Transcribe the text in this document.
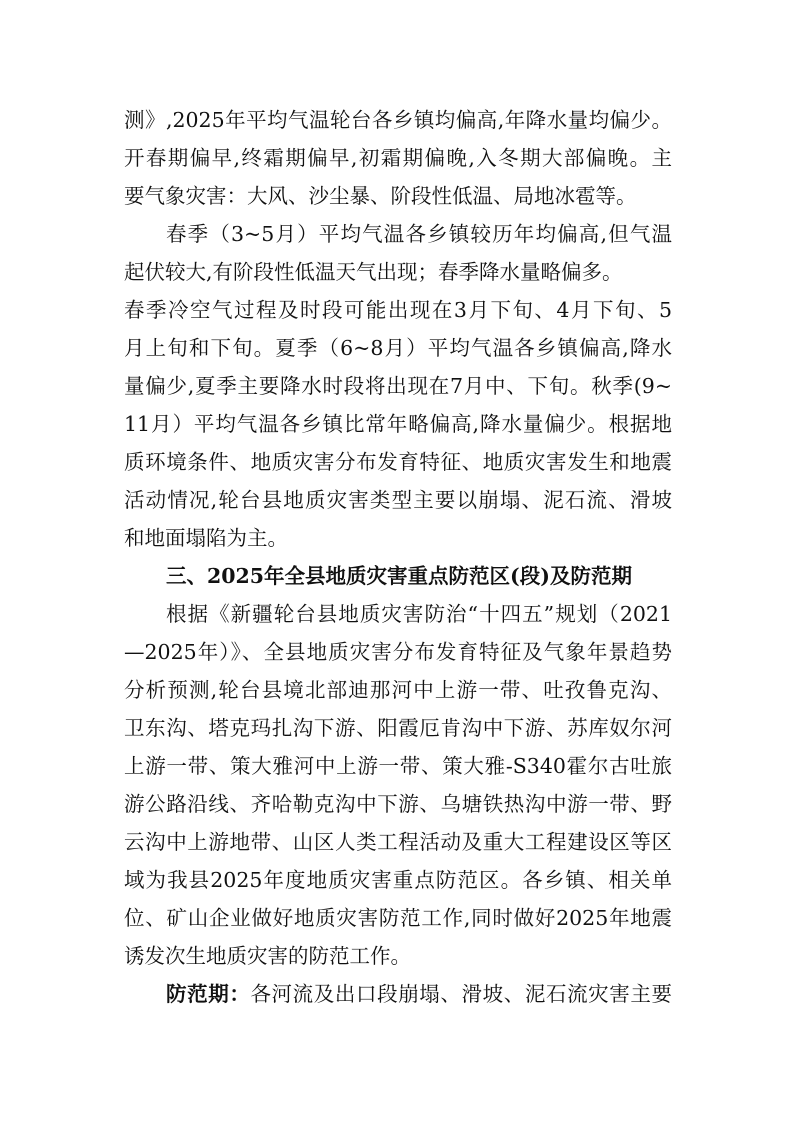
测》,2025年平均气温轮台各乡镇均偏高,年降水量均偏少。
开春期偏早,终霜期偏早,初霜期偏晚,入冬期大部偏晚。主
要气象灾害：大风、沙尘暴、阶段性低温、局地冰雹等。
春季（3~5月）平均气温各乡镇较历年均偏高,但气温
起伏较大,有阶段性低温天气出现；春季降水量略偏多。
春季冷空气过程及时段可能出现在3月下旬、4月下旬、5
月上旬和下旬。夏季（6~8月）平均气温各乡镇偏高,降水
量偏少,夏季主要降水时段将出现在7月中、下旬。秋季(9~
11月）平均气温各乡镇比常年略偏高,降水量偏少。根据地
质环境条件、地质灾害分布发育特征、地质灾害发生和地震
活动情况,轮台县地质灾害类型主要以崩塌、泥石流、滑坡
和地面塌陷为主。
三、2025年全县地质灾害重点防范区(段)及防范期
根据《新疆轮台县地质灾害防治“十四五”规划（2021
—2025年）》、全县地质灾害分布发育特征及气象年景趋势
分析预测,轮台县境北部迪那河中上游一带、吐孜鲁克沟、
卫东沟、塔克玛扎沟下游、阳霞厄肯沟中下游、苏库奴尔河
上游一带、策大雅河中上游一带、策大雅-S340霍尔古吐旅
游公路沿线、齐哈勒克沟中下游、乌塘铁热沟中游一带、野
云沟中上游地带、山区人类工程活动及重大工程建设区等区
域为我县2025年度地质灾害重点防范区。各乡镇、相关单
位、矿山企业做好地质灾害防范工作,同时做好2025年地震
诱发次生地质灾害的防范工作。
防范期：各河流及出口段崩塌、滑坡、泥石流灾害主要
